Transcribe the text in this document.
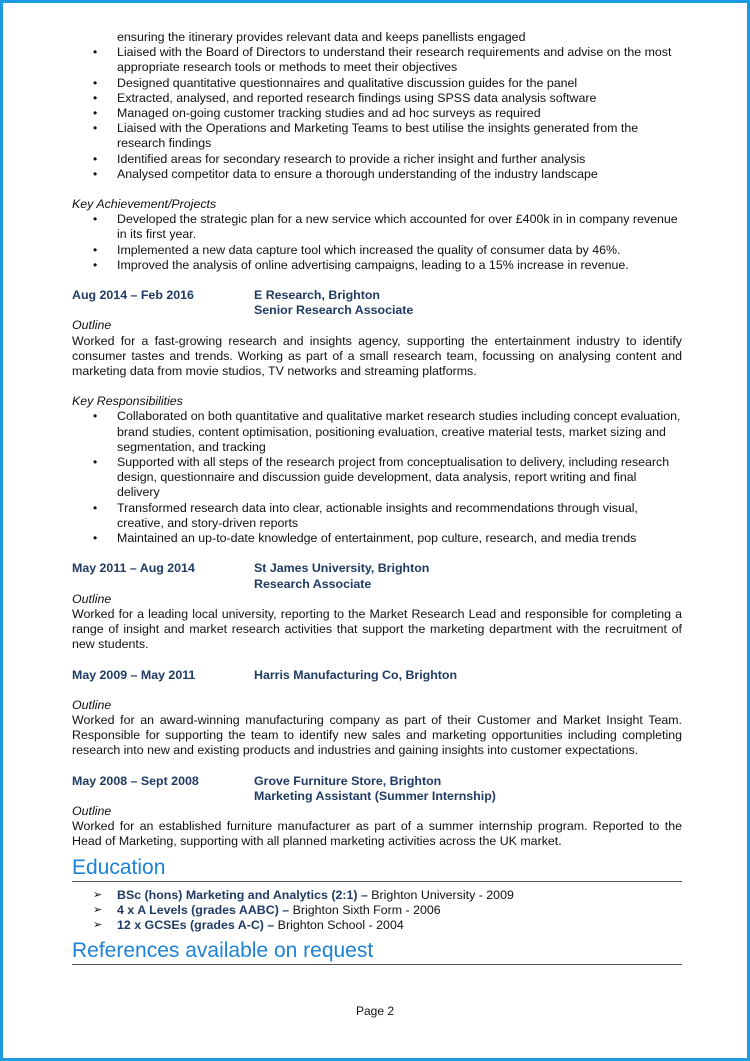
ensuring the itinerary provides relevant data and keeps panellists engaged
• Liaised with the Board of Directors to understand their research requirements and advise on the most appropriate research tools or methods to meet their objectives
• Designed quantitative questionnaires and qualitative discussion guides for the panel
• Extracted, analysed, and reported research findings using SPSS data analysis software
• Managed on-going customer tracking studies and ad hoc surveys as required
• Liaised with the Operations and Marketing Teams to best utilise the insights generated from the research findings
• Identified areas for secondary research to provide a richer insight and further analysis
• Analysed competitor data to ensure a thorough understanding of the industry landscape
Key Achievement/Projects
• Developed the strategic plan for a new service which accounted for over £400k in in company revenue in its first year.
• Implemented a new data capture tool which increased the quality of consumer data by 46%.
• Improved the analysis of online advertising campaigns, leading to a 15% increase in revenue.
Aug 2014 – Feb 2016	E Research, Brighton
Senior Research Associate
Outline

Worked for a fast-growing research and insights agency, supporting the entertainment industry to identify consumer tastes and trends. Working as part of a small research team, focussing on analysing content and marketing data from movie studios, TV networks and streaming platforms.

Key Responsibilities
• Collaborated on both quantitative and qualitative market research studies including concept evaluation, brand studies, content optimisation, positioning evaluation, creative material tests, market sizing and segmentation, and tracking
• Supported with all steps of the research project from conceptualisation to delivery, including research design, questionnaire and discussion guide development, data analysis, report writing and final delivery
• Transformed research data into clear, actionable insights and recommendations through visual, creative, and story-driven reports
• Maintained an up-to-date knowledge of entertainment, pop culture, research, and media trends
May 2011 – Aug 2014	St James University, Brighton
Research Associate
Outline

Worked for a leading local university, reporting to the Market Research Lead and responsible for completing a range of insight and market research activities that support the marketing department with the recruitment of new students.

May 2009 – May 2011	Harris Manufacturing Co, Brighton
Outline

Worked for an award-winning manufacturing company as part of their Customer and Market Insight Team. Responsible for supporting the team to identify new sales and marketing opportunities including completing research into new and existing products and industries and gaining insights into customer expectations.

May 2008 – Sept 2008	Grove Furniture Store, Brighton
Marketing Assistant (Summer Internship)
Outline

Worked for an established furniture manufacturer as part of a summer internship program. Reported to the Head of Marketing, supporting with all planned marketing activities across the UK market.

Education
➢ BSc (hons) Marketing and Analytics (2:1) – Brighton University - 2009
➢ 4 x A Levels (grades AABC) – Brighton Sixth Form - 2006
➢ 12 x GCSEs (grades A-C) – Brighton School - 2004
References available on request
Page 2
